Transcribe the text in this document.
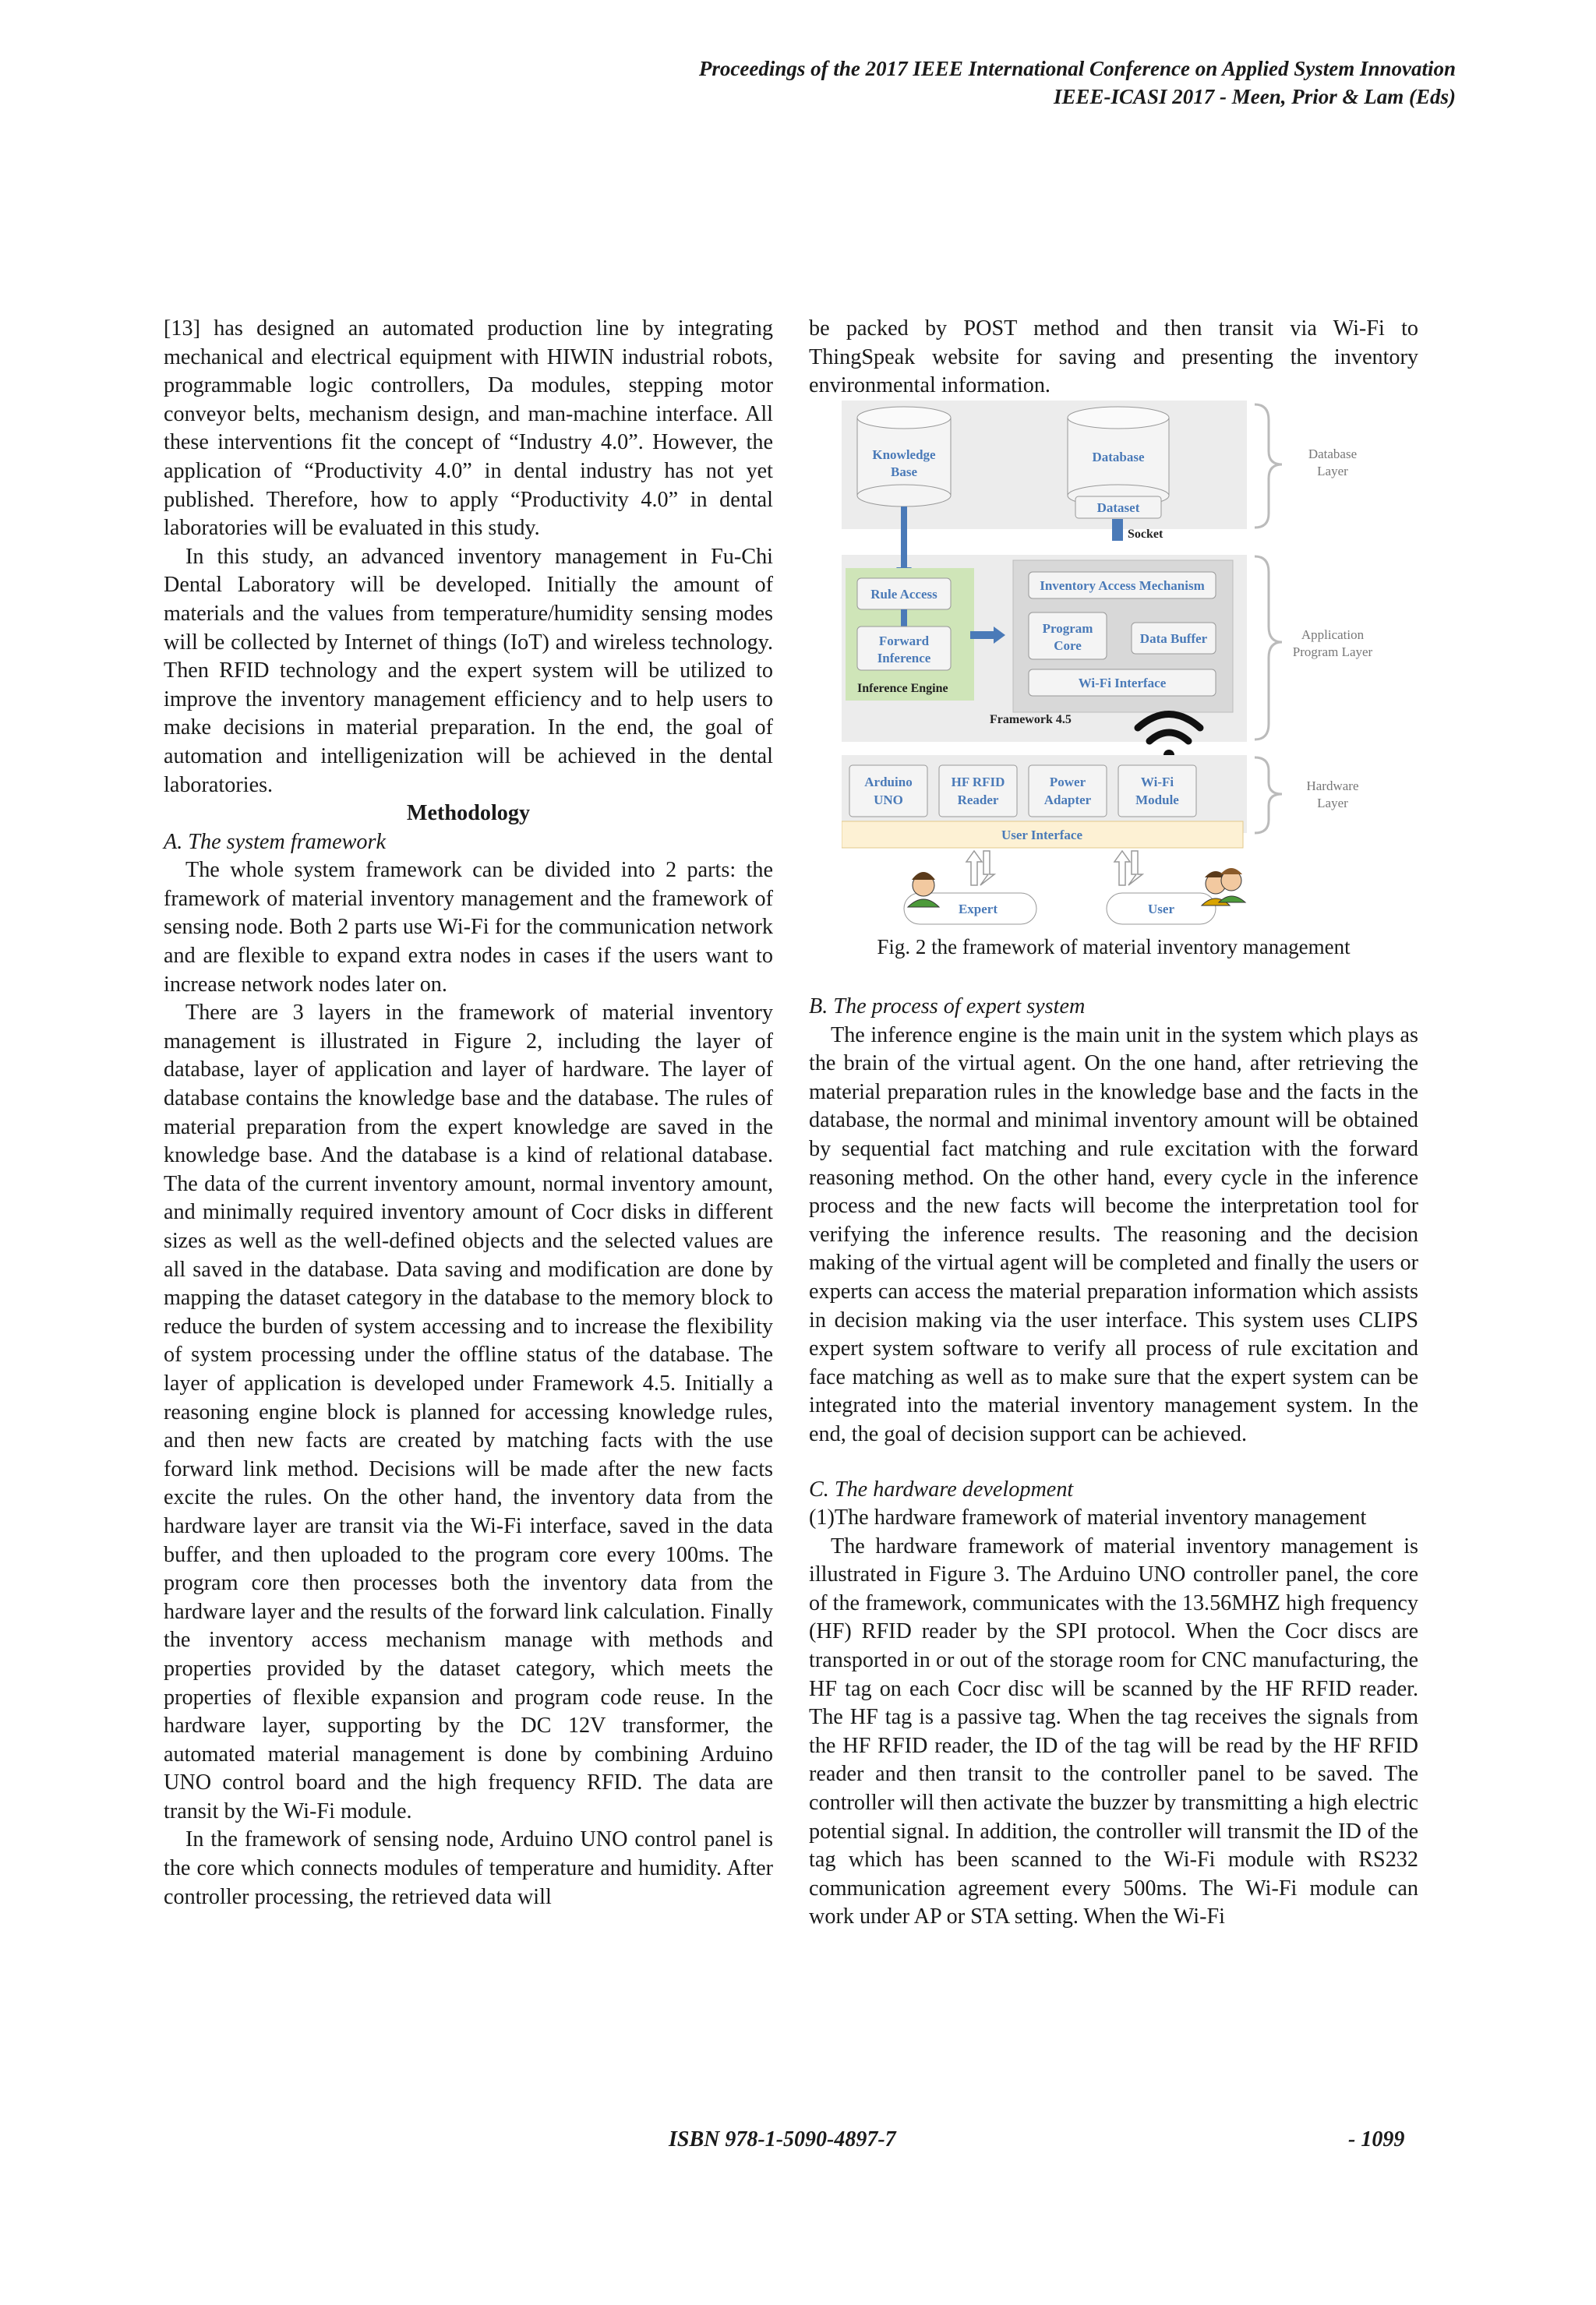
Proceedings of the 2017 IEEE International Conference on Applied System Innovation
IEEE-ICASI 2017 - Meen, Prior & Lam (Eds)

[13] has designed an automated production line by integrating mechanical and electrical equipment with HIWIN industrial robots, programmable logic controllers, Da modules, stepping motor conveyor belts, mechanism design, and man-machine interface. All these interventions fit the concept of “Industry 4.0”. However, the application of “Productivity 4.0” in dental industry has not yet published. Therefore, how to apply “Productivity 4.0” in dental laboratories will be evaluated in this study.

In this study, an advanced inventory management in Fu-Chi Dental Laboratory will be developed. Initially the amount of materials and the values from temperature/humidity sensing modes will be collected by Internet of things (IoT) and wireless technology. Then RFID technology and the expert system will be utilized to improve the inventory management efficiency and to help users to make decisions in material preparation. In the end, the goal of automation and intelligenization will be achieved in the dental laboratories.

Methodology

A. The system framework

The whole system framework can be divided into 2 parts: the framework of material inventory management and the framework of sensing node. Both 2 parts use Wi-Fi for the communication network and are flexible to expand extra nodes in cases if the users want to increase network nodes later on.

There are 3 layers in the framework of material inventory management is illustrated in Figure 2, including the layer of database, layer of application and layer of hardware. The layer of database contains the knowledge base and the database. The rules of material preparation from the expert knowledge are saved in the knowledge base. And the database is a kind of relational database. The data of the current inventory amount, normal inventory amount, and minimally required inventory amount of Cocr disks in different sizes as well as the well-defined objects and the selected values are all saved in the database. Data saving and modification are done by mapping the dataset category in the database to the memory block to reduce the burden of system accessing and to increase the flexibility of system processing under the offline status of the database. The layer of application is developed under Framework 4.5. Initially a reasoning engine block is planned for accessing knowledge rules, and then new facts are created by matching facts with the use forward link method. Decisions will be made after the new facts excite the rules. On the other hand, the inventory data from the hardware layer are transit via the Wi-Fi interface, saved in the data buffer, and then uploaded to the program core every 100ms. The program core then processes both the inventory data from the hardware layer and the results of the forward link calculation. Finally the inventory access mechanism manage with methods and properties provided by the dataset category, which meets the properties of flexible expansion and program code reuse. In the hardware layer, supporting by the DC 12V transformer, the automated material management is done by combining Arduino UNO control board and the high frequency RFID. The data are transit by the Wi-Fi module.

In the framework of sensing node, Arduino UNO control panel is the core which connects modules of temperature and humidity. After controller processing, the retrieved data will

be packed by POST method and then transit via Wi-Fi to ThingSpeak website for saving and presenting the inventory environmental information.

Knowledge
Base
Database
Dataset
Database
Layer
Socket
Rule Access
Forward
Inference
Inference Engine
Inventory Access Mechanism
Program
Core	Data Buffer
Wi-Fi Interface
Framework 4.5
Application
Program Layer
Arduino
UNO
HF RFID
Reader
Power
Adapter
Wi-Fi
Module
Hardware
Layer
User Interface
Expert	User
Fig. 2 the framework of material inventory management

B. The process of expert system

The inference engine is the main unit in the system which plays as the brain of the virtual agent. On the one hand, after retrieving the material preparation rules in the knowledge base and the facts in the database, the normal and minimal inventory amount will be obtained by sequential fact matching and rule excitation with the forward reasoning method. On the other hand, every cycle in the inference process and the new facts will become the interpretation tool for verifying the inference results. The reasoning and the decision making of the virtual agent will be completed and finally the users or experts can access the material preparation information which assists in decision making via the user interface. This system uses CLIPS expert system software to verify all process of rule excitation and face matching as well as to make sure that the expert system can be integrated into the material inventory management system. In the end, the goal of decision support can be achieved.

C. The hardware development

(1)The hardware framework of material inventory management

The hardware framework of material inventory management is illustrated in Figure 3. The Arduino UNO controller panel, the core of the framework, communicates with the 13.56MHZ high frequency (HF) RFID reader by the SPI protocol. When the Cocr discs are transported in or out of the storage room for CNC manufacturing, the HF tag on each Cocr disc will be scanned by the HF RFID reader. The HF tag is a passive tag. When the tag receives the signals from the HF RFID reader, the ID of the tag will be read by the HF RFID reader and then transit to the controller panel to be saved. The controller will then activate the buzzer by transmitting a high electric potential signal. In addition, the controller will transmit the ID of the tag which has been scanned to the Wi-Fi module with RS232 communication agreement every 500ms. The Wi-Fi module can work under AP or STA setting. When the Wi-Fi

ISBN 978-1-5090-4897-7	- 1099
